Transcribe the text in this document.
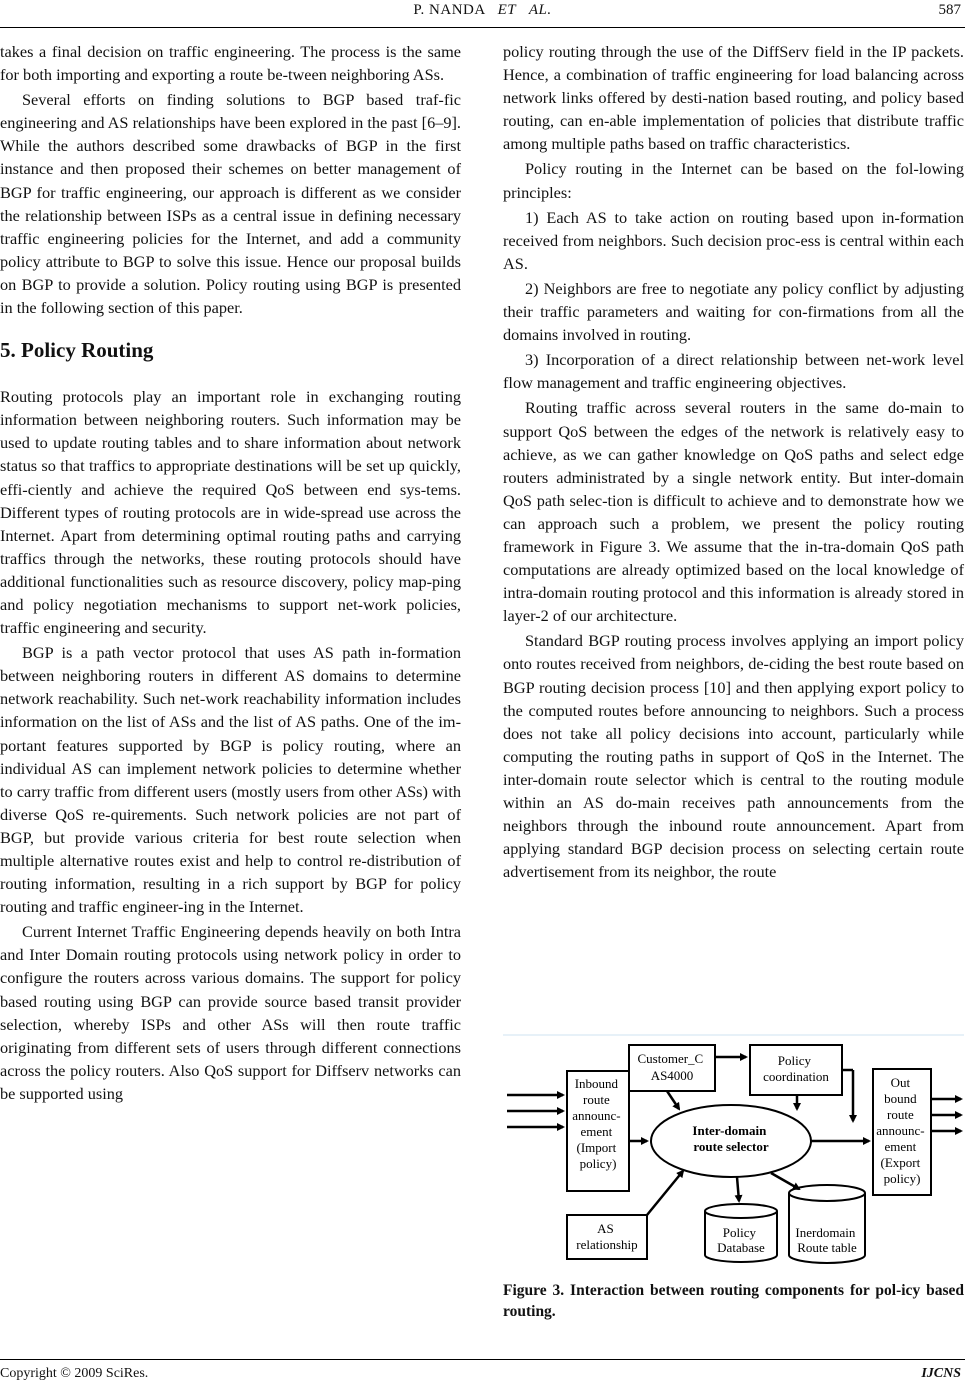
P. NANDA ET AL.	587

takes a final decision on traffic engineering. The process is the same for both importing and exporting a route be-tween neighboring ASs.

Several efforts on finding solutions to BGP based traf-fic engineering and AS relationships have been explored in the past [6–9]. While the authors described some drawbacks of BGP in the first instance and then proposed their schemes on better management of BGP for traffic engineering, our approach is different as we consider the relationship between ISPs as a central issue in defining necessary traffic engineering policies for the Internet, and add a community policy attribute to BGP to solve this issue. Hence our proposal builds on BGP to provide a solution. Policy routing using BGP is presented in the following section of this paper.

5. Policy Routing

Routing protocols play an important role in exchanging routing information between neighboring routers. Such information may be used to update routing tables and to share information about network status so that traffics to appropriate destinations will be set up quickly, effi-ciently and achieve the required QoS between end sys-tems. Different types of routing protocols are in wide-spread use across the Internet. Apart from determining optimal routing paths and carrying traffics through the networks, these routing protocols should have additional functionalities such as resource discovery, policy map-ping and policy negotiation mechanisms to support net-work policies, traffic engineering and security.

BGP is a path vector protocol that uses AS path in-formation between neighboring routers in different AS domains to determine network reachability. Such net-work reachability information includes information on the list of ASs and the list of AS paths. One of the im-portant features supported by BGP is policy routing, where an individual AS can implement network policies to determine whether to carry traffic from different users (mostly users from other ASs) with diverse QoS re-quirements. Such network policies are not part of BGP, but provide various criteria for best route selection when multiple alternative routes exist and help to control re-distribution of routing information, resulting in a rich support by BGP for policy routing and traffic engineer-ing in the Internet.

Current Internet Traffic Engineering depends heavily on both Intra and Inter Domain routing protocols using network policy in order to configure the routers across various domains. The support for policy based routing using BGP can provide source based transit provider selection, whereby ISPs and other ASs will then route traffic originating from different sets of users through different connections across the policy routers. Also QoS support for Diffserv networks can be supported using

policy routing through the use of the DiffServ field in the IP packets. Hence, a combination of traffic engineering for load balancing across network links offered by desti-nation based routing, and policy based routing, can en-able implementation of policies that distribute traffic among multiple paths based on traffic characteristics.

Policy routing in the Internet can be based on the fol-lowing principles:

1) Each AS to take action on routing based upon in-formation received from neighbors. Such decision proc-ess is central within each AS.

2) Neighbors are free to negotiate any policy conflict by adjusting their traffic parameters and waiting for con-firmations from all the domains involved in routing.

3) Incorporation of a direct relationship between net-work level flow management and traffic engineering objectives.

Routing traffic across several routers in the same do-main to support QoS between the edges of the network is relatively easy to achieve, as we can gather knowledge on QoS paths and select edge routers administrated by a single network entity. But inter-domain QoS path selec-tion is difficult to achieve and to demonstrate how we can approach such a problem, we present the policy routing framework in Figure 3. We assume that the in-tra-domain QoS path computations are already optimized based on the local knowledge of intra-domain routing protocol and this information is already stored in layer-2 of our architecture.

Standard BGP routing process involves applying an import policy onto routes received from neighbors, de-ciding the best route based on BGP routing decision process [10] and then applying export policy to the computed routes before announcing to neighbors. Such a process does not take all policy decisions into account, particularly while computing the routing paths in support of QoS in the Internet. The inter-domain route selector which is central to the routing module within an AS do-main receives path announcements from the neighbors through the inbound route announcement. Apart from applying standard BGP decision process on selecting certain route advertisement from its neighbor, the route

Inbound route announc- ement (Import policy)
Customer_C AS4000
Policy coordination	Out bound route announc- ement (Export policy)
Inter-domain route selector
AS relationship
Policy Database
Inerdomain Route table
Figure 3. Interaction between routing components for pol-icy based routing.
Copyright © 2009 SciRes.	IJCNS
